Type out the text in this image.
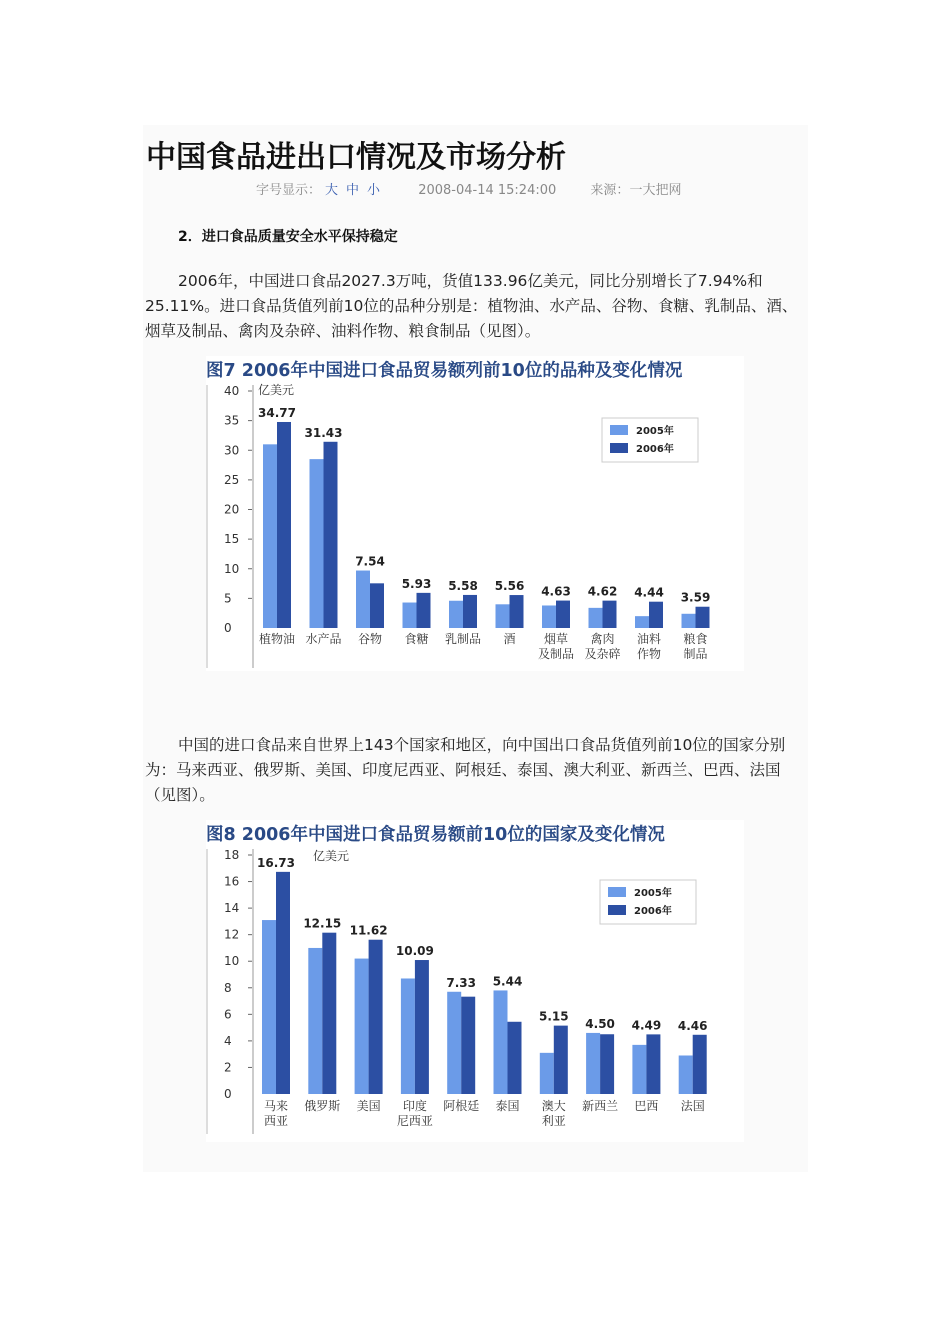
中国食品进出口情况及市场分析
字号显示： 大 中 小	2008-04-14 15:24:00	来源：一大把网
2．进口食品质量安全水平保持稳定

2006年，中国进口食品2027.3万吨，货值133.96亿美元，同比分别增长了7.94%和25.11%。进口食品货值列前10位的品种分别是：植物油、水产品、谷物、食糖、乳制品、酒、烟草及制品、禽肉及杂碎、油料作物、粮食制品（见图）。

图7 2006年中国进口食品贸易额列前10位的品种及变化情况
0
5
10
15
20
25
30
35
40 亿美元
34.77
植物油
31.43
水产品
7.54
谷物
5.93
食糖
5.58
乳制品
5.56
酒
4.63
烟草
及制品
4.62
禽肉
及杂碎
4.44
油料
作物
3.59
粮食
制品
2005年
2006年

中国的进口食品来自世界上143个国家和地区，向中国出口食品货值列前10位的国家分别为：马来西亚、俄罗斯、美国、印度尼西亚、阿根廷、泰国、澳大利亚、新西兰、巴西、法国（见图）。

图8 2006年中国进口食品贸易额前10位的国家及变化情况
0
2
4
6
8
10
12
14
16
18	亿美元
16.73
马来
西亚
12.15
俄罗斯
11.62
美国
10.09
印度
尼西亚
7.33
阿根廷
5.44
泰国
5.15
澳大
利亚
4.50
新西兰
4.49
巴西
4.46
法国
2005年
2006年
